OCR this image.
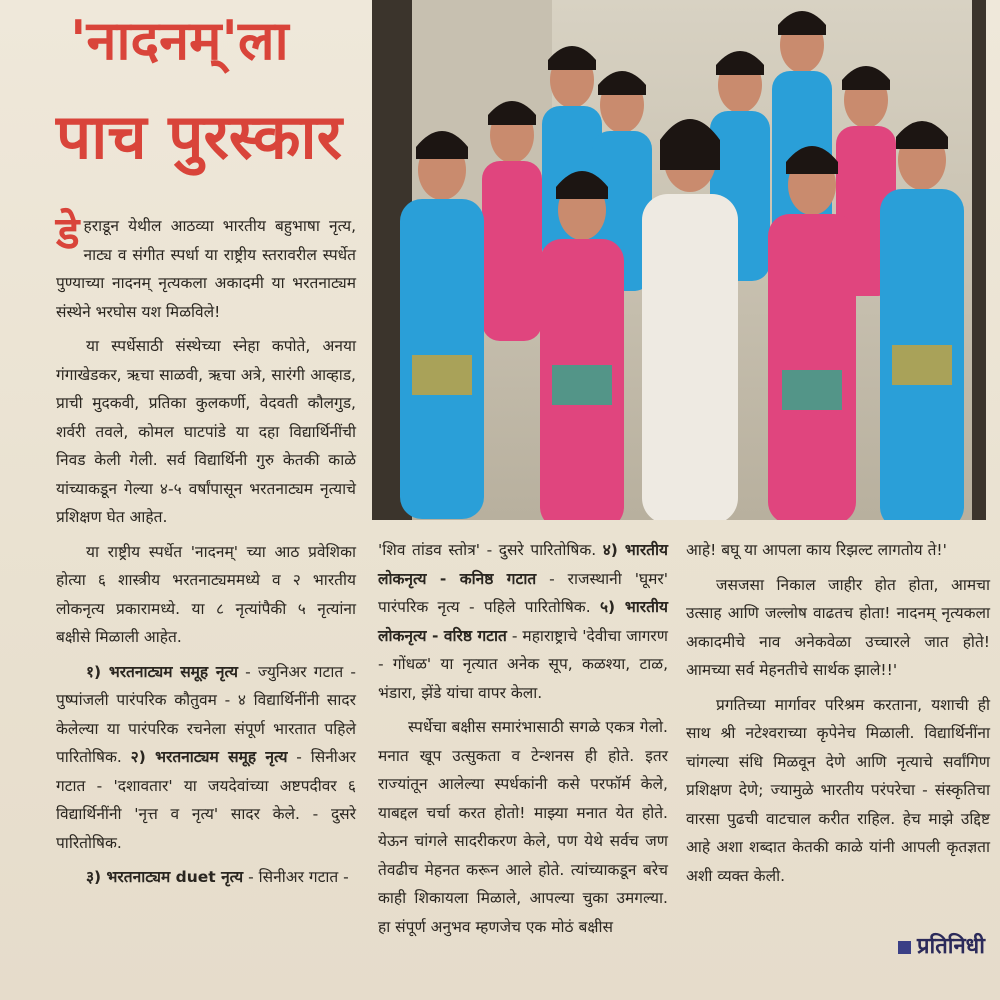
'नादनम्'ला
पाच पुरस्कार

डेहराडून येथील आठव्या भारतीय बहुभाषा नृत्य, नाट्य व संगीत स्पर्धा या राष्ट्रीय स्तरावरील स्पर्धेत पुण्याच्या नादनम् नृत्यकला अकादमी या भरतनाट्यम संस्थेने भरघोस यश मिळविले!

या स्पर्धेसाठी संस्थेच्या स्नेहा कपोते, अनया गंगाखेडकर, ऋचा साळवी, ऋचा अत्रे, सारंगी आव्हाड, प्राची मुदकवी, प्रतिका कुलकर्णी, वेदवती कौलगुड, शर्वरी तवले, कोमल घाटपांडे या दहा विद्यार्थिनींची निवड केली गेली. सर्व विद्यार्थिनी गुरु केतकी काळे यांच्याकडून गेल्या ४-५ वर्षांपासून भरतनाट्यम नृत्याचे प्रशिक्षण घेत आहेत.

या राष्ट्रीय स्पर्धेत 'नादनम्' च्या आठ प्रवेशिका होत्या ६ शास्त्रीय भरतनाट्यममध्ये व २ भारतीय लोकनृत्य प्रकारामध्ये. या ८ नृत्यांपैकी ५ नृत्यांना बक्षीसे मिळाली आहेत.

१) भरतनाट्यम समूह नृत्य - ज्युनिअर गटात - पुष्पांजली पारंपरिक कौतुवम - ४ विद्यार्थिनींनी सादर केलेल्या या पारंपरिक रचनेला संपूर्ण भारतात पहिले पारितोषिक. २) भरतनाट्यम समूह नृत्य - सिनीअर गटात - 'दशावतार' या जयदेवांच्या अष्टपदीवर ६ विद्यार्थिनींनी 'नृत्त व नृत्य' सादर केले. - दुसरे पारितोषिक.

३) भरतनाट्यम duet नृत्य - सिनीअर गटात -

'शिव तांडव स्तोत्र' - दुसरे पारितोषिक. ४) भारतीय लोकनृत्य - कनिष्ठ गटात - राजस्थानी 'घूमर' पारंपरिक नृत्य - पहिले पारितोषिक. ५) भारतीय लोकनृत्य - वरिष्ठ गटात - महाराष्ट्राचे 'देवीचा जागरण - गोंधळ' या नृत्यात अनेक सूप, कळश्या, टाळ, भंडारा, झेंडे यांचा वापर केला.

स्पर्धेचा बक्षीस समारंभासाठी सगळे एकत्र गेलो. मनात खूप उत्सुकता व टेन्शनस ही होते. इतर राज्यांतून आलेल्या स्पर्धकांनी कसे परफॉर्म केले, याबद्दल चर्चा करत होतो! माझ्या मनात येत होते. येऊन चांगले सादरीकरण केले, पण येथे सर्वच जण तेवढीच मेहनत करून आले होते. त्यांच्याकडून बरेच काही शिकायला मिळाले, आपल्या चुका उमगल्या. हा संपूर्ण अनुभव म्हणजेच एक मोठं बक्षीस

आहे! बघू या आपला काय रिझल्ट लागतोय ते!'

जसजसा निकाल जाहीर होत होता, आमचा उत्साह आणि जल्लोष वाढतच होता! नादनम् नृत्यकला अकादमीचे नाव अनेकवेळा उच्चारले जात होते! आमच्या सर्व मेहनतीचे सार्थक झाले!!'

प्रगतिच्या मार्गावर परिश्रम करताना, यशाची ही साथ श्री नटेश्वराच्या कृपेनेच मिळाली. विद्यार्थिनींना चांगल्या संधि मिळवून देणे आणि नृत्याचे सर्वांगिण प्रशिक्षण देणे; ज्यामुळे भारतीय परंपरेचा - संस्कृतिचा वारसा पुढची वाटचाल करीत राहिल. हेच माझे उद्दिष्ट आहे अशा शब्दात केतकी काळे यांनी आपली कृतज्ञता अशी व्यक्त केली.

प्रतिनिधी
